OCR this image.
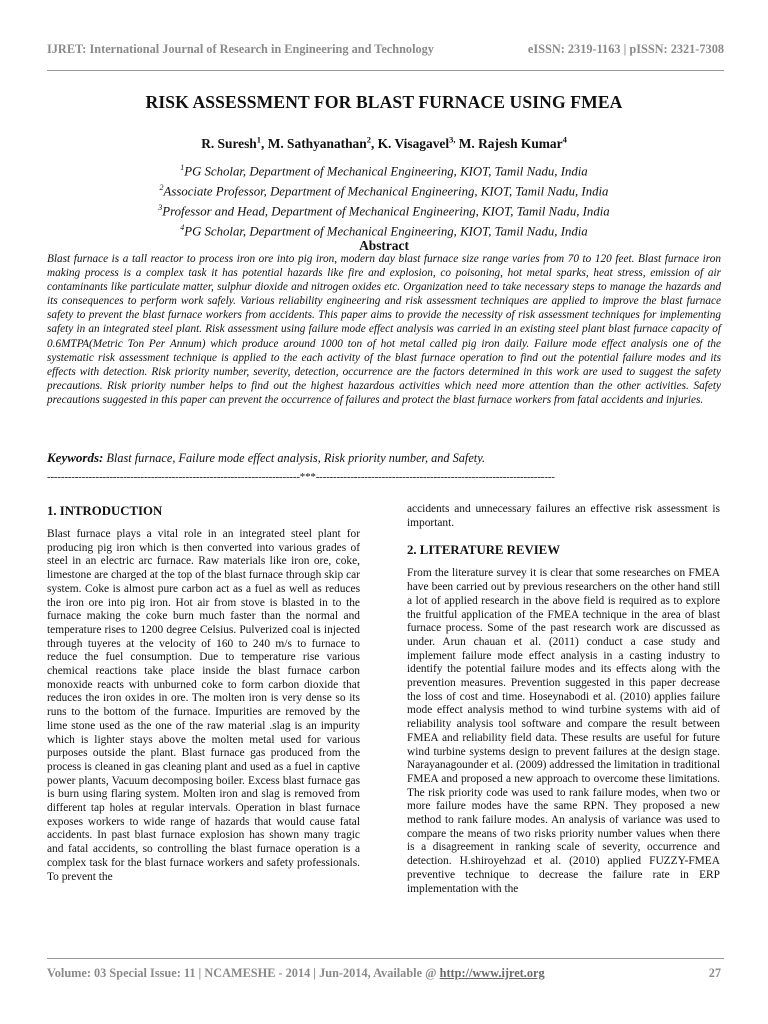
IJRET: International Journal of Research in Engineering and Technology	eISSN: 2319-1163 | pISSN: 2321-7308
RISK ASSESSMENT FOR BLAST FURNACE USING FMEA
R. Suresh$^1$, M. Sathyanathan$^2$, K. Visagavel$^{3,}$ M. Rajesh Kumar$^4$
$^1$PG Scholar, Department of Mechanical Engineering, KIOT, Tamil Nadu, India
$^2$Associate Professor, Department of Mechanical Engineering, KIOT, Tamil Nadu, India
$^3$Professor and Head, Department of Mechanical Engineering, KIOT, Tamil Nadu, India
$^4$PG Scholar, Department of Mechanical Engineering, KIOT, Tamil Nadu, India
Abstract
Blast furnace is a tall reactor to process iron ore into pig iron, modern day blast furnace size range varies from 70 to 120 feet. Blast furnace iron making process is a complex task it has potential hazards like fire and explosion, co poisoning, hot metal sparks, heat stress, emission of air contaminants like particulate matter, sulphur dioxide and nitrogen oxides etc. Organization need to take necessary steps to manage the hazards and its consequences to perform work safely. Various reliability engineering and risk assessment techniques are applied to improve the blast furnace safety to prevent the blast furnace workers from accidents. This paper aims to provide the necessity of risk assessment techniques for implementing safety in an integrated steel plant. Risk assessment using failure mode effect analysis was carried in an existing steel plant blast furnace capacity of 0.6MTPA(Metric Ton Per Annum) which produce around 1000 ton of hot metal called pig iron daily. Failure mode effect analysis one of the systematic risk assessment technique is applied to the each activity of the blast furnace operation to find out the potential failure modes and its effects with detection. Risk priority number, severity, detection, occurrence are the factors determined in this work are used to suggest the safety precautions. Risk priority number helps to find out the highest hazardous activities which need more attention than the other activities. Safety precautions suggested in this paper can prevent the occurrence of failures and protect the blast furnace workers from fatal accidents and injuries.
Keywords: Blast furnace, Failure mode effect analysis, Risk priority number, and Safety.
-------------------------------------------------------------------------***---------------------------------------------------------------------
1. INTRODUCTION

Blast furnace plays a vital role in an integrated steel plant for producing pig iron which is then converted into various grades of steel in an electric arc furnace. Raw materials like iron ore, coke, limestone are charged at the top of the blast furnace through skip car system. Coke is almost pure carbon act as a fuel as well as reduces the iron ore into pig iron. Hot air from stove is blasted in to the furnace making the coke burn much faster than the normal and temperature rises to 1200 degree Celsius. Pulverized coal is injected through tuyeres at the velocity of 160 to 240 m/s to furnace to reduce the fuel consumption. Due to temperature rise various chemical reactions take place inside the blast furnace carbon monoxide reacts with unburned coke to form carbon dioxide that reduces the iron oxides in ore. The molten iron is very dense so its runs to the bottom of the furnace. Impurities are removed by the lime stone used as the one of the raw material .slag is an impurity which is lighter stays above the molten metal used for various purposes outside the plant. Blast furnace gas produced from the process is cleaned in gas cleaning plant and used as a fuel in captive power plants, Vacuum decomposing boiler. Excess blast furnace gas is burn using flaring system. Molten iron and slag is removed from different tap holes at regular intervals. Operation in blast furnace exposes workers to wide range of hazards that would cause fatal accidents. In past blast furnace explosion has shown many tragic and fatal accidents, so controlling the blast furnace operation is a complex task for the blast furnace workers and safety professionals. To prevent the

accidents and unnecessary failures an effective risk assessment is important.

2. LITERATURE REVIEW

From the literature survey it is clear that some researches on FMEA have been carried out by previous researchers on the other hand still a lot of applied research in the above field is required as to explore the fruitful application of the FMEA technique in the area of blast furnace process. Some of the past research work are discussed as under. Arun chauan et al. (2011) conduct a case study and implement failure mode effect analysis in a casting industry to identify the potential failure modes and its effects along with the prevention measures. Prevention suggested in this paper decrease the loss of cost and time. Hoseynabodi et al. (2010) applies failure mode effect analysis method to wind turbine systems with aid of reliability analysis tool software and compare the result between FMEA and reliability field data. These results are useful for future wind turbine systems design to prevent failures at the design stage. Narayanagounder et al. (2009) addressed the limitation in traditional FMEA and proposed a new approach to overcome these limitations. The risk priority code was used to rank failure modes, when two or more failure modes have the same RPN. They proposed a new method to rank failure modes. An analysis of variance was used to compare the means of two risks priority number values when there is a disagreement in ranking scale of severity, occurrence and detection. H.shiroyehzad et al. (2010) applied FUZZY-FMEA preventive technique to decrease the failure rate in ERP implementation with the

Volume: 03 Special Issue: 11 | NCAMESHE - 2014 | Jun-2014, Available @ http://www.ijret.org	27
